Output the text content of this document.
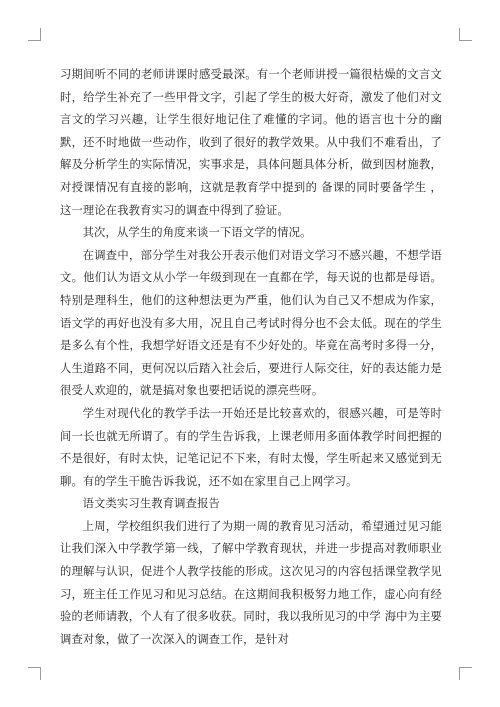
习期间听不同的老师讲课时感受最深。有一个老师讲授一篇很枯燥的文言文时，给学生补充了一些甲骨文字，引起了学生的极大好奇，激发了他们对文言文的学习兴趣，让学生很好地记住了难懂的字词。他的语言也十分的幽默，还不时地做一些动作，收到了很好的教学效果。从中我们不难看出，了解及分析学生的实际情况，实事求是，具体问题具体分析，做到因材施教，对授课情况有直接的影响，这就是教育学中提到的 备课的同时要备学生 ，这一理论在我教育实习的调查中得到了验证。

其次，从学生的角度来谈一下语文学的情况。

在调查中，部分学生对我公开表示他们对语文学习不感兴趣，不想学语文。他们认为语文从小学一年级到现在一直都在学，每天说的也都是母语。特别是理科生，他们的这种想法更为严重，他们认为自己又不想成为作家，语文学的再好也没有多大用，况且自己考试时得分也不会太低。现在的学生是多么有个性，我想学好语文还是有不少好处的。毕竟在高考时多得一分，人生道路不同，更何况以后踏入社会后，要进行人际交往，好的表达能力是很受人欢迎的，就是搞对象也要把话说的漂亮些呀。

学生对现代化的教学手法一开始还是比较喜欢的，很感兴趣，可是等时间一长也就无所谓了。有的学生告诉我，上课老师用多面体教学时间把握的不是很好，有时太快，记笔记记不下来，有时太慢，学生听起来又感觉到无聊。有的学生干脆告诉我说，还不如在家里自己上网学习。

语文类实习生教育调查报告

上周，学校组织我们进行了为期一周的教育见习活动，希望通过见习能让我们深入中学教学第一线，了解中学教育现状，并进一步提高对教师职业的理解与认识，促进个人教学技能的形成。这次见习的内容包括课堂教学见习，班主任工作见习和见习总结。在这期间我积极努力地工作，虚心向有经验的老师请教，个人有了很多收获。同时，我以我所见习的中学 海中为主要调查对象，做了一次深入的调查工作，是针对
